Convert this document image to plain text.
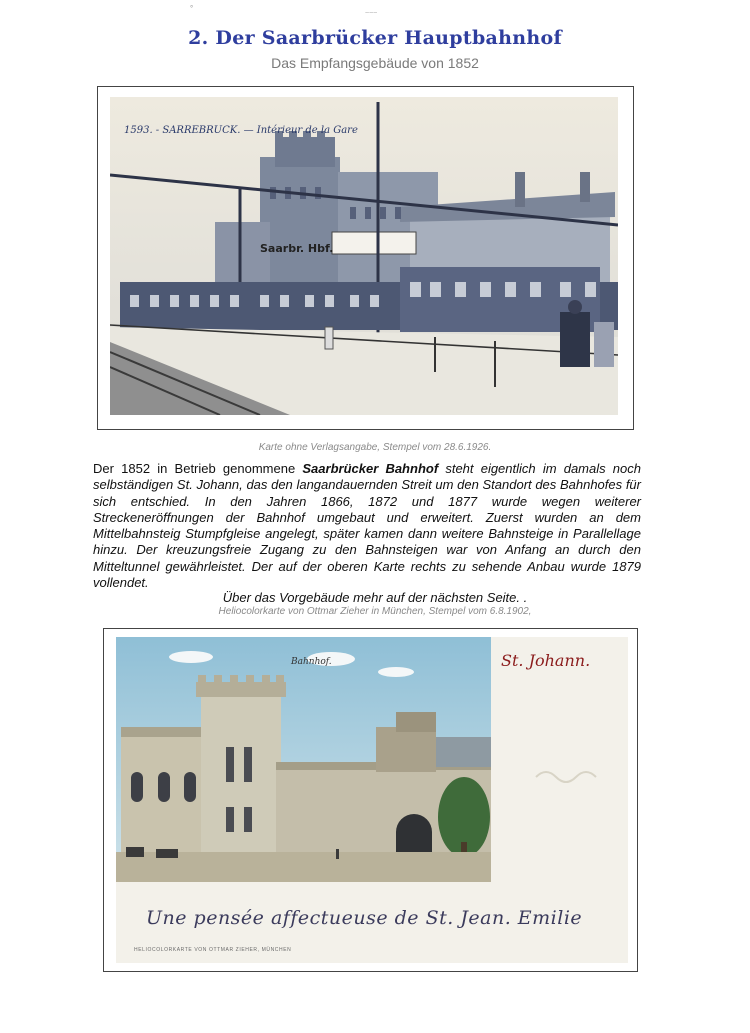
°
~~~
2. Der Saarbrücker Hauptbahnhof
Das Empfangsgebäude von 1852
Saarbr. Hbf.
1593. - SARREBRUCK. — Intérieur de la Gare
Karte ohne Verlagsangabe, Stempel vom 28.6.1926.
Der 1852 in Betrieb genommene Saarbrücker Bahnhof steht eigentlich im damals noch selbständigen St. Johann, das den langandauernden Streit um den Standort des Bahnhofes für sich entschied. In den Jahren 1866, 1872 und 1877 wurde wegen weiterer Streckeneröffnungen der Bahnhof umgebaut und erweitert. Zuerst wurden an dem Mittelbahnsteig Stumpfgleise angelegt, später kamen dann weitere Bahnsteige in Parallellage hinzu. Der kreuzungsfreie Zugang zu den Bahnsteigen war von Anfang an durch den Mitteltunnel gewährleistet. Der auf der oberen Karte rechts zu sehende Anbau wurde 1879 vollendet.
Über das Vorgebäude mehr auf der nächsten Seite. .
Heliocolorkarte von Ottmar Zieher in München, Stempel vom 6.8.1902,
Bahnhof.	St. Johann.
Une pensée affectueuse de St. Jean. Emilie
HELIOCOLORKARTE VON OTTMAR ZIEHER, MÜNCHEN
